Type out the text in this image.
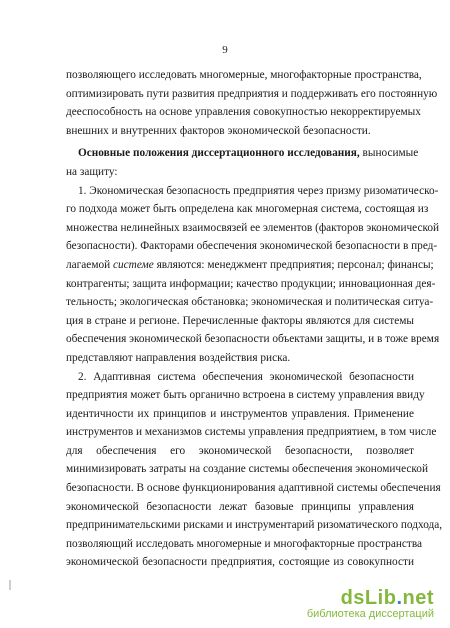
9
позволяющего исследовать многомерные, многофакторные пространства,
оптимизировать пути развития предприятия и поддерживать его постоянную
дееспособность на основе управления совокупностью некорректируемых
внешних и внутренних факторов экономической безопасности.
Основные положения диссертационного исследования, выносимые
на защиту:
1. Экономическая безопасность предприятия через призму ризоматическо-
го подхода может быть определена как многомерная система, состоящая из
множества нелинейных взаимосвязей ее элементов (факторов экономической
безопасности). Факторами обеспечения экономической безопасности в пред-
лагаемой системе являются: менеджмент предприятия; персонал; финансы;
контрагенты; защита информации; качество продукции; инновационная дея-
тельность; экологическая обстановка; экономическая и политическая ситуа-
ция в стране и регионе. Перечисленные факторы являются для системы
обеспечения экономической безопасности объектами защиты, и в тоже время
представляют направления воздействия риска.
2. Адаптивная система обеспечения экономической безопасности
предприятия может быть органично встроена в систему управления ввиду
идентичности их принципов и инструментов управления. Применение
инструментов и механизмов системы управления предприятием, в том числе
для обеспечения его экономической безопасности, позволяет
минимизировать затраты на создание системы обеспечения экономической
безопасности. В основе функционирования адаптивной системы обеспечения
экономической безопасности лежат базовые принципы управления
предпринимательскими рисками и инструментарий ризоматического подхода,
позволяющий исследовать многомерные и многофакторные пространства
экономической безопасности предприятия, состоящие из совокупности
dsLib.net
библиотека диссертаций
